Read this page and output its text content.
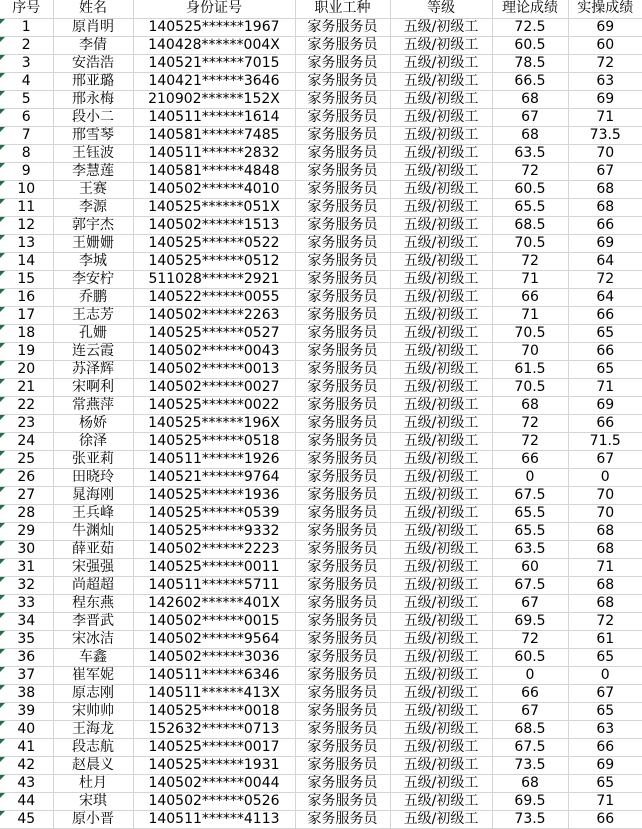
序号	姓名	身份证号	职业工种	等级	理论成绩	实操成绩

1	原肖明	140525******1967	家务服务员	五级/初级工	72.5	69

2	李倩	140428******004X	家务服务员	五级/初级工	60.5	60

3	安浩浩	140521******7015	家务服务员	五级/初级工	78.5	72

4	邢亚璐	140421******3646	家务服务员	五级/初级工	66.5	63

5	邢永梅	210902******152X	家务服务员	五级/初级工	68	69

6	段小二	140511******1614	家务服务员	五级/初级工	67	71

7	邢雪琴	140581******7485	家务服务员	五级/初级工	68	73.5

8	王钰波	140511******2832	家务服务员	五级/初级工	63.5	70

9	李慧莲	140581******4848	家务服务员	五级/初级工	72	67

10	王赛	140502******4010	家务服务员	五级/初级工	60.5	68

11	李源	140525******051X	家务服务员	五级/初级工	65.5	68

12	郭宇杰	140502******1513	家务服务员	五级/初级工	68.5	66

13	王姗姗	140525******0522	家务服务员	五级/初级工	70.5	69

14	李城	140525******0512	家务服务员	五级/初级工	72	64

15	李安柠	511028******2921	家务服务员	五级/初级工	71	72

16	乔鹏	140522******0055	家务服务员	五级/初级工	66	64

17	王志芳	140502******2263	家务服务员	五级/初级工	71	66

18	孔姗	140525******0527	家务服务员	五级/初级工	70.5	65

19	连云霞	140502******0043	家务服务员	五级/初级工	70	66

20	苏泽辉	140502******0013	家务服务员	五级/初级工	61.5	65

21	宋啊利	140502******0027	家务服务员	五级/初级工	70.5	71

22	常燕萍	140525******0022	家务服务员	五级/初级工	68	69

23	杨娇	140525******196X	家务服务员	五级/初级工	72	66

24	徐泽	140525******0518	家务服务员	五级/初级工	72	71.5

25	张亚莉	140511******1926	家务服务员	五级/初级工	66	67

26	田晓玲	140521******9764	家务服务员	五级/初级工	0	0

27	晁海刚	140525******1936	家务服务员	五级/初级工	67.5	70

28	王兵峰	140525******0539	家务服务员	五级/初级工	65.5	70

29	牛渊灿	140525******9332	家务服务员	五级/初级工	65.5	68

30	薛亚茹	140502******2223	家务服务员	五级/初级工	63.5	68

31	宋强强	140525******0011	家务服务员	五级/初级工	60	71

32	尚超超	140511******5711	家务服务员	五级/初级工	67.5	68

33	程东燕	142602******401X	家务服务员	五级/初级工	67	68

34	李晋武	140502******0015	家务服务员	五级/初级工	69.5	72

35	宋冰洁	140502******9564	家务服务员	五级/初级工	72	61

36	车鑫	140502******3036	家务服务员	五级/初级工	60.5	65

37	崔军妮	140511******6346	家务服务员	五级/初级工	0	0

38	原志刚	140511******413X	家务服务员	五级/初级工	66	67

39	宋帅帅	140525******0018	家务服务员	五级/初级工	67	65

40	王海龙	152632******0713	家务服务员	五级/初级工	68.5	63

41	段志航	140525******0017	家务服务员	五级/初级工	67.5	66

42	赵晨义	140525******1931	家务服务员	五级/初级工	73.5	69

43	杜月	140502******0044	家务服务员	五级/初级工	68	65

44	宋琪	140502******0526	家务服务员	五级/初级工	69.5	71

45	原小晋	140511******4113	家务服务员	五级/初级工	73.5	66
